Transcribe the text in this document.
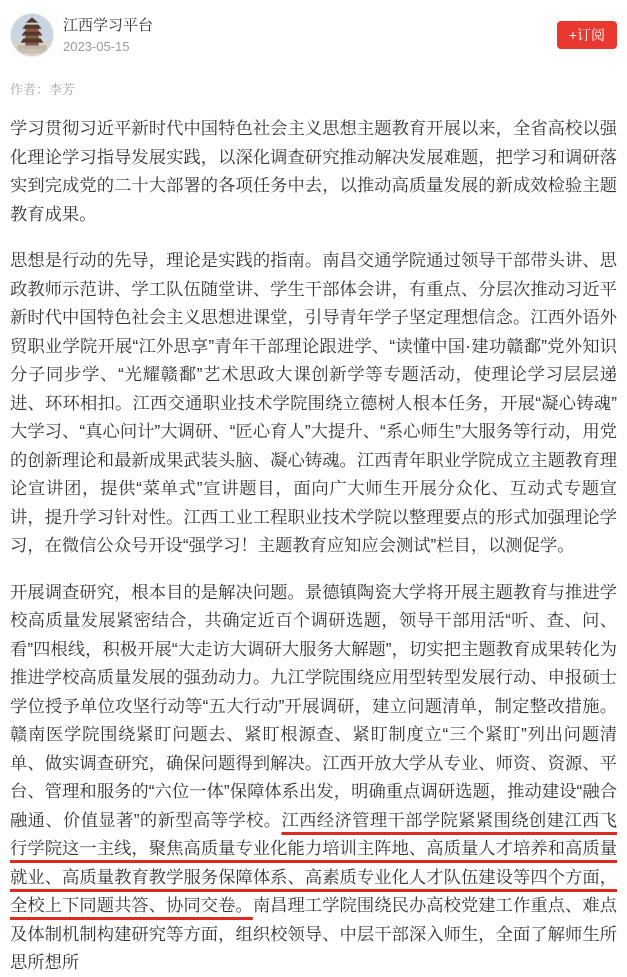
江西学习平台
2023-05-15
+订阅
作者：李芳

学习贯彻习近平新时代中国特色社会主义思想主题教育开展以来，全省高校以强化理论学习指导发展实践，以深化调查研究推动解决发展难题，把学习和调研落实到完成党的二十大部署的各项任务中去，以推动高质量发展的新成效检验主题教育成果。

思想是行动的先导，理论是实践的指南。南昌交通学院通过领导干部带头讲、思政教师示范讲、学工队伍随堂讲、学生干部体会讲，有重点、分层次推动习近平新时代中国特色社会主义思想进课堂，引导青年学子坚定理想信念。江西外语外贸职业学院开展“江外思享”青年干部理论跟进学、“读懂中国·建功赣鄱”党外知识分子同步学、“光耀赣鄱”艺术思政大课创新学等专题活动，使理论学习层层递进、环环相扣。江西交通职业技术学院围绕立德树人根本任务，开展“凝心铸魂”大学习、“真心问计”大调研、“匠心育人”大提升、“系心师生”大服务等行动，用党的创新理论和最新成果武装头脑、凝心铸魂。江西青年职业学院成立主题教育理论宣讲团，提供“菜单式”宣讲题目，面向广大师生开展分众化、互动式专题宣讲，提升学习针对性。江西工业工程职业技术学院以整理要点的形式加强理论学习，在微信公众号开设“强学习！主题教育应知应会测试”栏目，以测促学。

开展调查研究，根本目的是解决问题。景德镇陶瓷大学将开展主题教育与推进学校高质量发展紧密结合，共确定近百个调研选题，领导干部用活“听、查、问、看”四根线，积极开展“大走访大调研大服务大解题”，切实把主题教育成果转化为推进学校高质量发展的强劲动力。九江学院围绕应用型转型发展行动、申报硕士学位授予单位攻坚行动等“五大行动”开展调研，建立问题清单，制定整改措施。赣南医学院围绕紧盯问题去、紧盯根源查、紧盯制度立“三个紧盯”列出问题清单、做实调查研究，确保问题得到解决。江西开放大学从专业、师资、资源、平台、管理和服务的“六位一体”保障体系出发，明确重点调研选题，推动建设“融合融通、价值显著”的新型高等学校。江西经济管理干部学院紧紧围绕创建江西飞行学院这一主线，聚焦高质量专业化能力培训主阵地、高质量人才培养和高质量就业、高质量教育教学服务保障体系、高素质专业化人才队伍建设等四个方面，全校上下同题共答、协同交卷。南昌理工学院围绕民办高校党建工作重点、难点及体制机制构建研究等方面，组织校领导、中层干部深入师生，全面了解师生所思所想所
